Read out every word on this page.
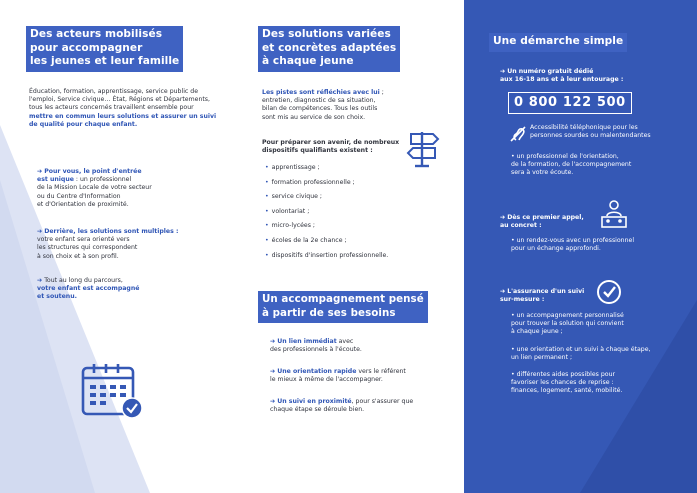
Des acteurs mobilisés
pour accompagner
les jeunes et leur famille
Éducation, formation, apprentissage, service public de l'emploi, Service civique… État, Régions et Départements, tous les acteurs concernés travaillent ensemble pour mettre en commun leurs solutions et assurer un suivi de qualité pour chaque enfant.
➔ Pour vous, le point d'entrée
est unique : un professionnel
de la Mission Locale de votre secteur
ou du Centre d'Information
et d'Orientation de proximité.
➔ Derrière, les solutions sont multiples :
votre enfant sera orienté vers
les structures qui correspondent
à son choix et à son profil.
➔ Tout au long du parcours,
votre enfant est accompagné
et soutenu.
Des solutions variées
et concrètes adaptées
à chaque jeune
Les pistes sont réfléchies avec lui ;
entretien, diagnostic de sa situation,
bilan de compétences. Tous les outils
sont mis au service de son choix.
Pour préparer son avenir, de nombreux
dispositifs qualifiants existent :
• apprentissage ;
• formation professionnelle ;
• service civique ;
• volontariat ;
• micro-lycées ;
• écoles de la 2e chance ;
• dispositifs d'insertion professionnelle.
Un accompagnement pensé
à partir de ses besoins
➔ Un lien immédiat avec
des professionnels à l'écoute.
➔ Une orientation rapide vers le référent
le mieux à même de l'accompagner.
➔ Un suivi en proximité, pour s'assurer que
chaque étape se déroule bien.
Une démarche simple
➔ Un numéro gratuit dédié
aux 16-18 ans et à leur entourage :
0 800 122 500
Accessibilité téléphonique pour les
personnes sourdes ou malentendantes
• un professionnel de l'orientation,
de la formation, de l'accompagnement
sera à votre écoute.
➔ Dès ce premier appel,
au concret :
• un rendez-vous avec un professionnel
pour un échange approfondi.
➔ L'assurance d'un suivi
sur-mesure :
• un accompagnement personnalisé
pour trouver la solution qui convient
à chaque jeune ;
• une orientation et un suivi à chaque étape,
un lien permanent ;
• différentes aides possibles pour
favoriser les chances de reprise :
finances, logement, santé, mobilité.
